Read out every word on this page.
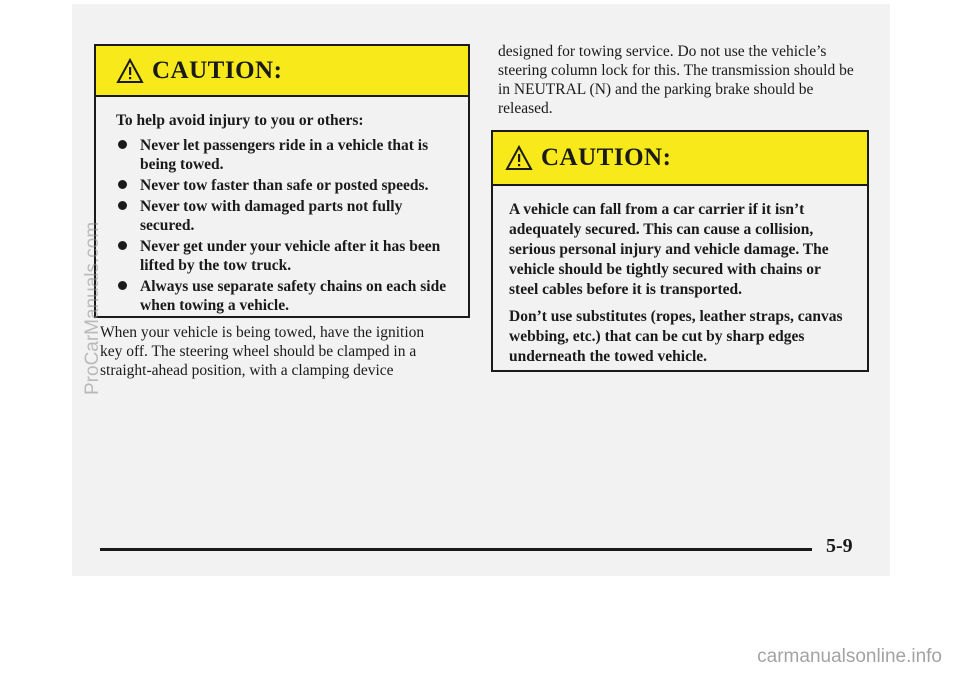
CAUTION:

To help avoid injury to you or others:

Never let passengers ride in a vehicle that is being towed.
Never tow faster than safe or posted speeds.
Never tow with damaged parts not fully secured.
Never get under your vehicle after it has been lifted by the tow truck.
Always use separate safety chains on each side when towing a vehicle.
When your vehicle is being towed, have the ignition key off. The steering wheel should be clamped in a straight-ahead position, with a clamping device
designed for towing service. Do not use the vehicle’s steering column lock for this. The transmission should be in NEUTRAL (N) and the parking brake should be released.
CAUTION:

A vehicle can fall from a car carrier if it isn’t adequately secured. This can cause a collision, serious personal injury and vehicle damage. The vehicle should be tightly secured with chains or steel cables before it is transported.

Don’t use substitutes (ropes, leather straps, canvas webbing, etc.) that can be cut by sharp edges underneath the towed vehicle.

5-9
ProCarManuals.com
carmanualsonline.info
